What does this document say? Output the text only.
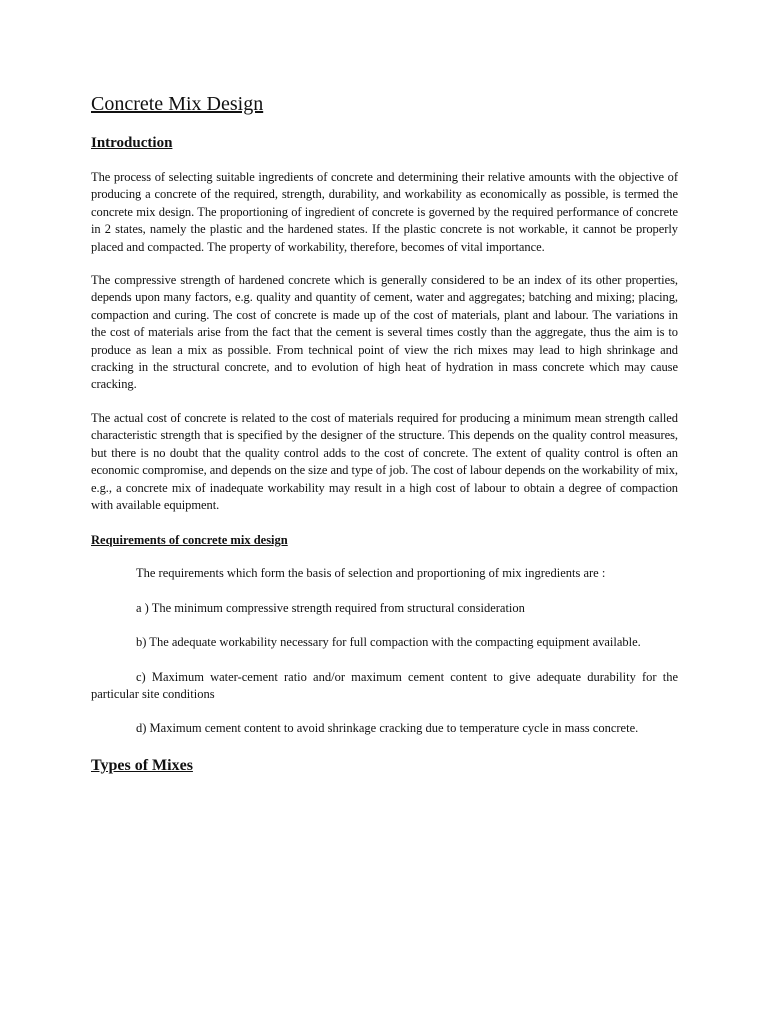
Concrete Mix Design
Introduction

The process of selecting suitable ingredients of concrete and determining their relative amounts with the objective of producing a concrete of the required, strength, durability, and workability as economically as possible, is termed the concrete mix design. The proportioning of ingredient of concrete is governed by the required performance of concrete in 2 states, namely the plastic and the hardened states. If the plastic concrete is not workable, it cannot be properly placed and compacted. The property of workability, therefore, becomes of vital importance.

The compressive strength of hardened concrete which is generally considered to be an index of its other properties, depends upon many factors, e.g. quality and quantity of cement, water and aggregates; batching and mixing; placing, compaction and curing. The cost of concrete is made up of the cost of materials, plant and labour. The variations in the cost of materials arise from the fact that the cement is several times costly than the aggregate, thus the aim is to produce as lean a mix as possible. From technical point of view the rich mixes may lead to high shrinkage and cracking in the structural concrete, and to evolution of high heat of hydration in mass concrete which may cause cracking.

The actual cost of concrete is related to the cost of materials required for producing a minimum mean strength called characteristic strength that is specified by the designer of the structure. This depends on the quality control measures, but there is no doubt that the quality control adds to the cost of concrete. The extent of quality control is often an economic compromise, and depends on the size and type of job. The cost of labour depends on the workability of mix, e.g., a concrete mix of inadequate workability may result in a high cost of labour to obtain a degree of compaction with available equipment.

Requirements of concrete mix design

The requirements which form the basis of selection and proportioning of mix ingredients are :

a ) The minimum compressive strength required from structural consideration

b) The adequate workability necessary for full compaction with the compacting equipment available.

c) Maximum water-cement ratio and/or maximum cement content to give adequate durability for the particular site conditions

d) Maximum cement content to avoid shrinkage cracking due to temperature cycle in mass concrete.

Types of Mixes
